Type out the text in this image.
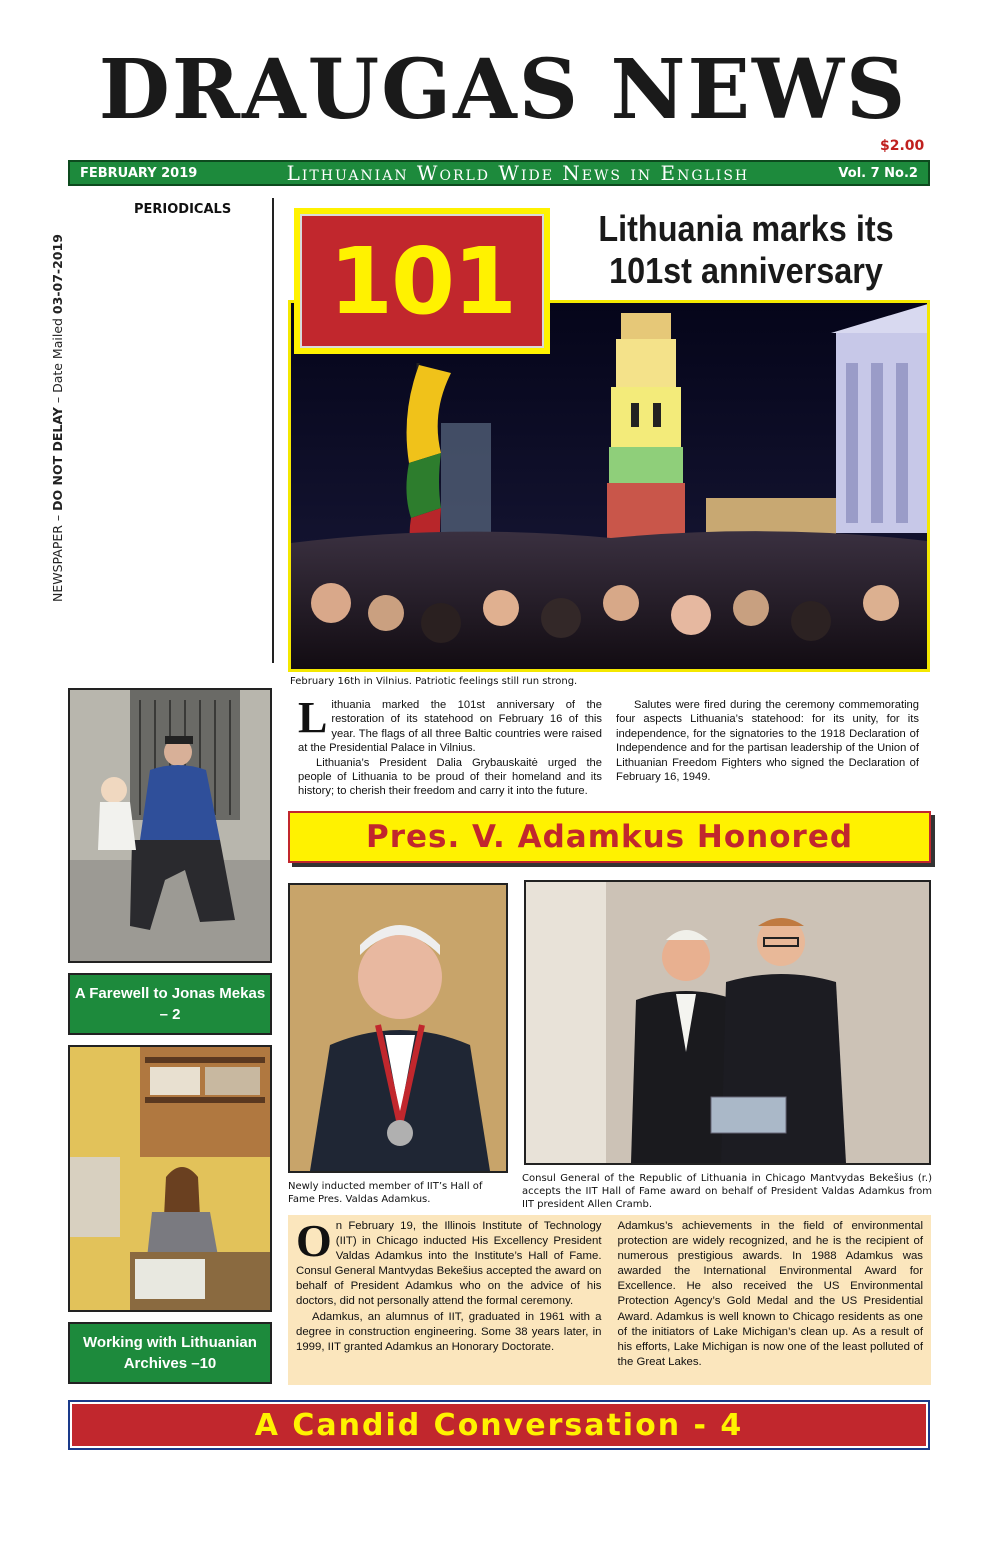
DRAUGAS NEWS
$2.00
FEBRUARY 2019	Lithuanian World Wide News in English	Vol. 7 No.2
PERIODICALS
NEWSPAPER – DO NOT DELAY – Date Mailed 03-07-2019	101	Lithuania marks its 101st anniversary
February 16th in Vilnius. Patriotic feelings still run strong.
L ithuania marked the 101st anniversary of the restoration of its statehood on February 16 of this year. The flags of all three Baltic countries were raised at the Presidential Palace in Vilnius.

Lithuania’s President Dalia Grybauskaitė urged the people of Lithuania to be proud of their homeland and its history; to cherish their freedom and carry it into the future.

Salutes were fired during the ceremony commemorating four aspects Lithuania’s statehood: for its unity, for its independence, for the signatories to the 1918 Declaration of Independence and for the partisan leadership of the Union of Lithuanian Freedom Fighters who signed the Declaration of February 16, 1949.

A Farewell to Jonas Mekas – 2
Working with Lithuanian Archives –10
Pres. V. Adamkus Honored
Newly inducted member of IIT’s Hall of Fame Pres. Valdas Adamkus.
Consul General of the Republic of Lithuania in Chicago Mantvydas Bekešius (r.) accepts the IIT Hall of Fame award on behalf of President Valdas Adamkus from IIT president Allen Cramb.
O n February 19, the Illinois Institute of Technology (IIT) in Chicago inducted His Excellency President Valdas Adamkus into the Institute’s Hall of Fame. Consul General Mantvydas Bekešius accepted the award on behalf of President Adamkus who on the advice of his doctors, did not personally attend the formal ceremony.

Adamkus, an alumnus of IIT, graduated in 1961 with a degree in construction engineering. Some 38 years later, in 1999, IIT granted Adamkus an Honorary Doctorate.

Adamkus’s achievements in the field of environmental protection are widely recognized, and he is the recipient of numerous prestigious awards. In 1988 Adamkus was awarded the International Environmental Award for Excellence. He also received the US Environmental Protection Agency’s Gold Medal and the US Presidential Award. Adamkus is well known to Chicago residents as one of the initiators of Lake Michigan’s clean up. As a result of his efforts, Lake Michigan is now one of the least polluted of the Great Lakes.
A Candid Conversation - 4
